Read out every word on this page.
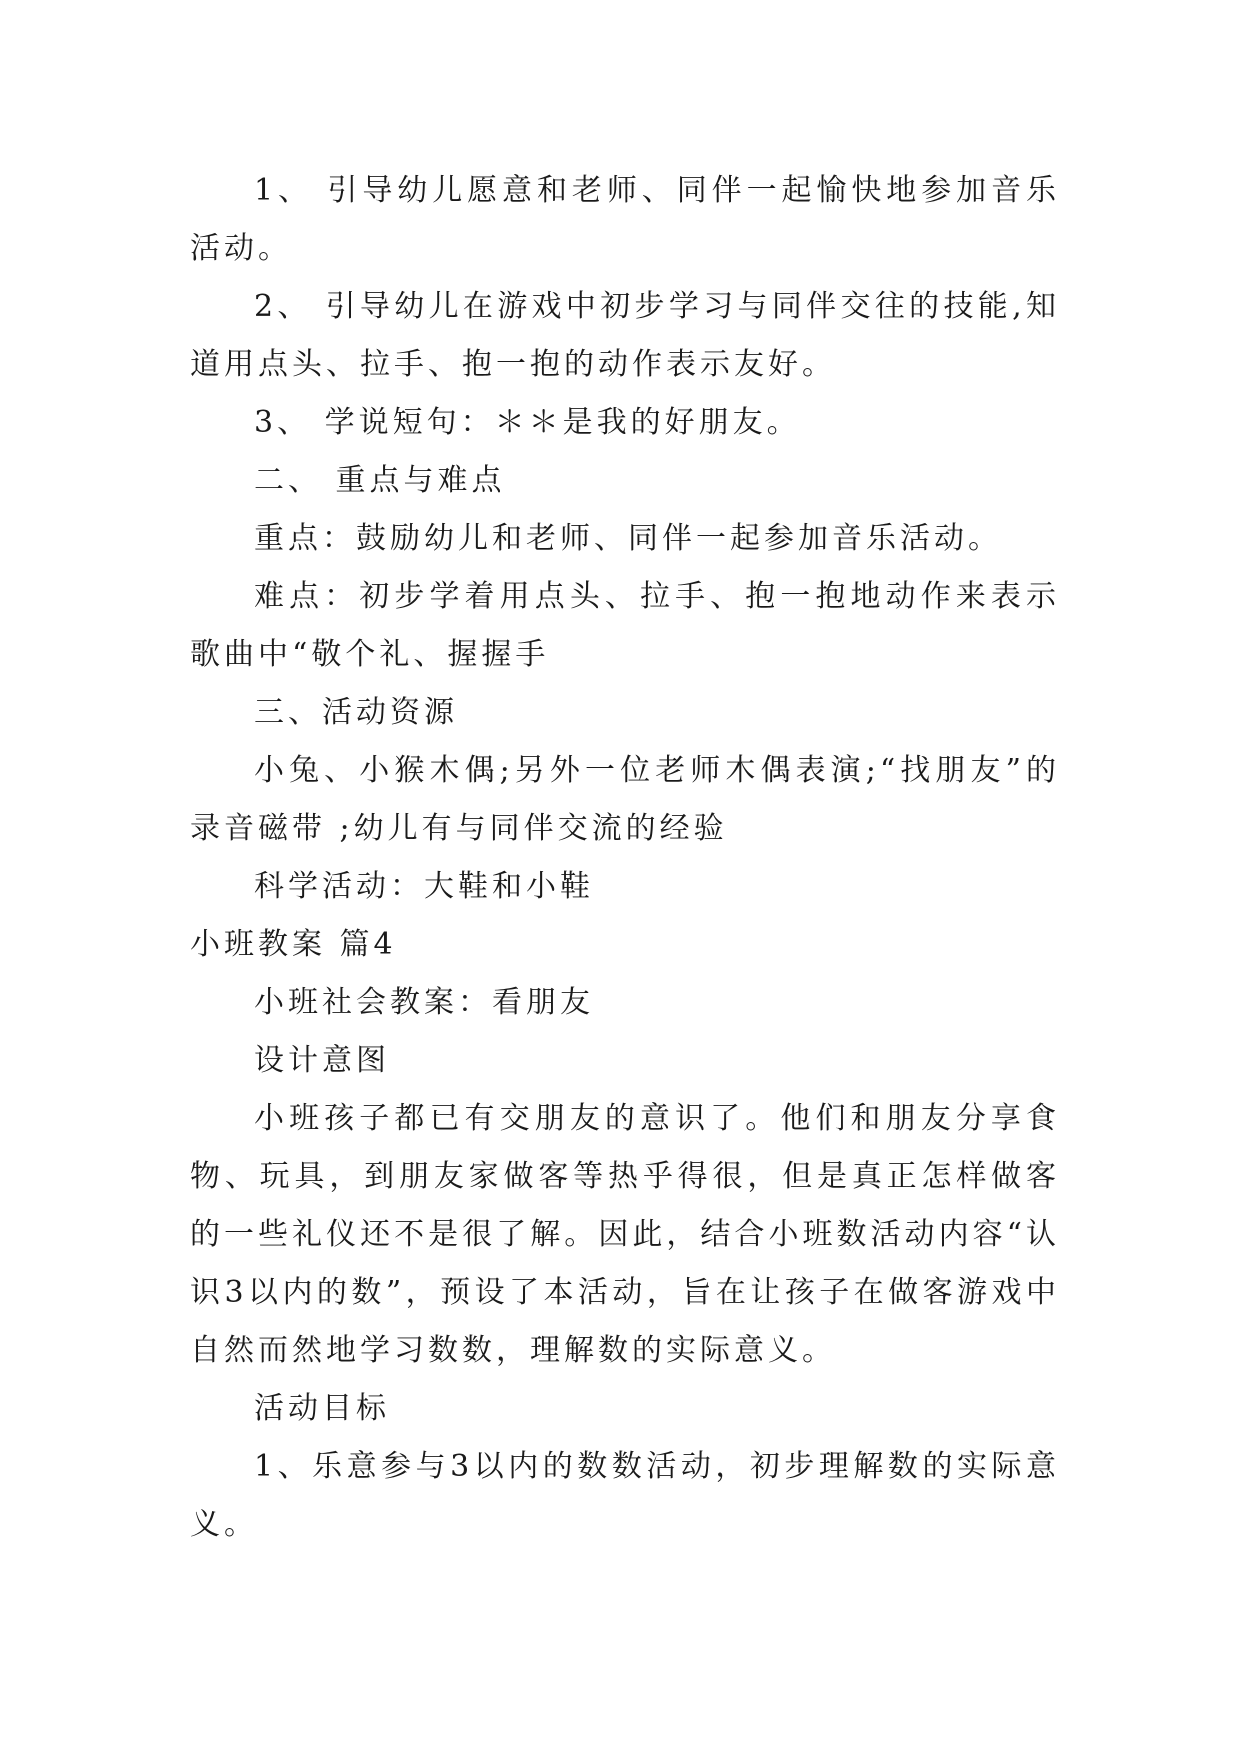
1、 引导幼儿愿意和老师、同伴一起愉快地参加音乐活动。

2、 引导幼儿在游戏中初步学习与同伴交往的技能,知道用点头、拉手、抱一抱的动作表示友好。

3、 学说短句：＊＊是我的好朋友。

二、 重点与难点

重点：鼓励幼儿和老师、同伴一起参加音乐活动。

难点：初步学着用点头、拉手、抱一抱地动作来表示歌曲中“敬个礼、握握手

三、活动资源

小兔、小猴木偶;另外一位老师木偶表演;“找朋友”的录音磁带 ;幼儿有与同伴交流的经验

科学活动：大鞋和小鞋

小班教案 篇4

小班社会教案：看朋友

设计意图

小班孩子都已有交朋友的意识了。他们和朋友分享食物、玩具，到朋友家做客等热乎得很，但是真正怎样做客的一些礼仪还不是很了解。因此，结合小班数活动内容“认识3以内的数”，预设了本活动，旨在让孩子在做客游戏中自然而然地学习数数，理解数的实际意义。

活动目标

1、乐意参与3以内的数数活动，初步理解数的实际意义。
